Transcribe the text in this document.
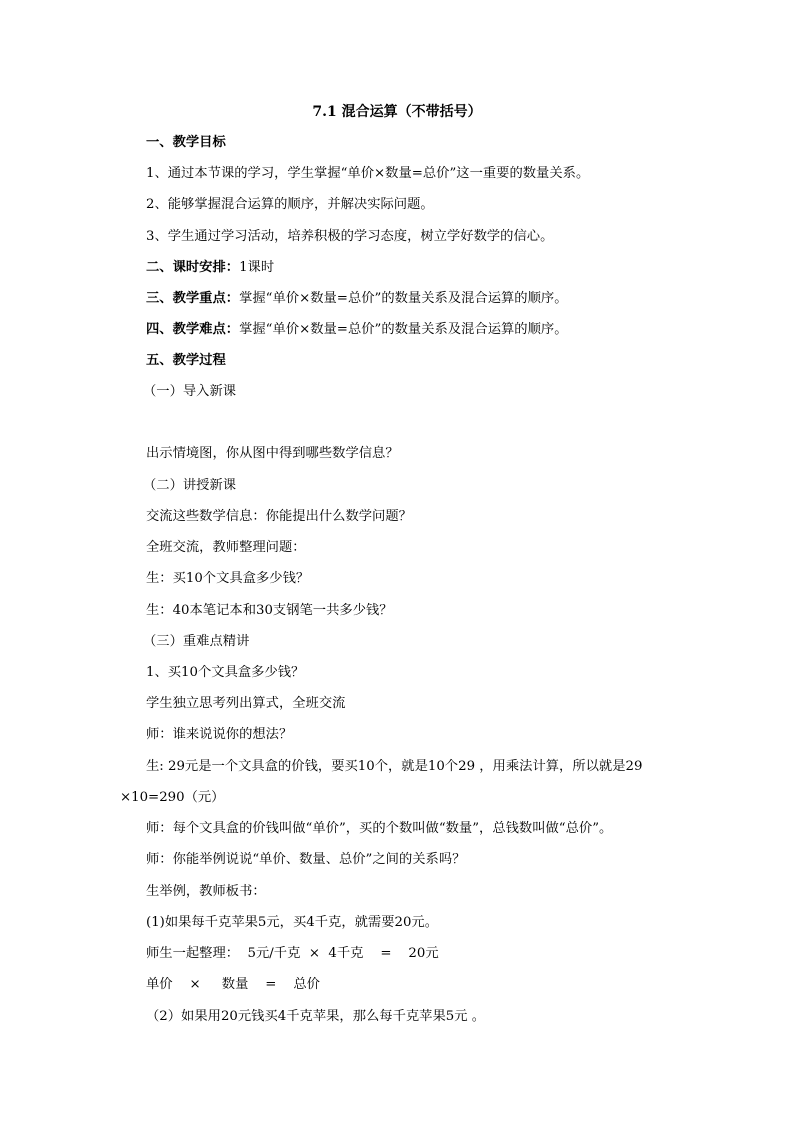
7.1 混合运算（不带括号）
一、教学目标
1、通过本节课的学习，学生掌握“单价×数量=总价”这一重要的数量关系。
2、能够掌握混合运算的顺序，并解决实际问题。
3、学生通过学习活动，培养积极的学习态度，树立学好数学的信心。
二、课时安排：1课时
三、教学重点：掌握“单价×数量=总价”的数量关系及混合运算的顺序。
四、教学难点：掌握“单价×数量=总价”的数量关系及混合运算的顺序。
五、教学过程
（一）导入新课
出示情境图，你从图中得到哪些数学信息？
（二）讲授新课
交流这些数学信息：你能提出什么数学问题？
全班交流，教师整理问题：
生：买10个文具盒多少钱？
生：40本笔记本和30支钢笔一共多少钱？
（三）重难点精讲
1、买10个文具盒多少钱？
学生独立思考列出算式，全班交流
师：谁来说说你的想法？
生: 29元是一个文具盒的价钱，要买10个，就是10个29 ，用乘法计算，所以就是29
×10=290（元）
师：每个文具盒的价钱叫做“单价”，买的个数叫做“数量”，总钱数叫做“总价”。
师：你能举例说说“单价、数量、总价”之间的关系吗？
生举例，教师板书：
(1)如果每千克苹果5元，买4千克，就需要20元。
师生一起整理：  5元/千克  ×  4千克    =    20元
单价    ×     数量    =    总价
（2）如果用20元钱买4千克苹果，那么每千克苹果5元 。
